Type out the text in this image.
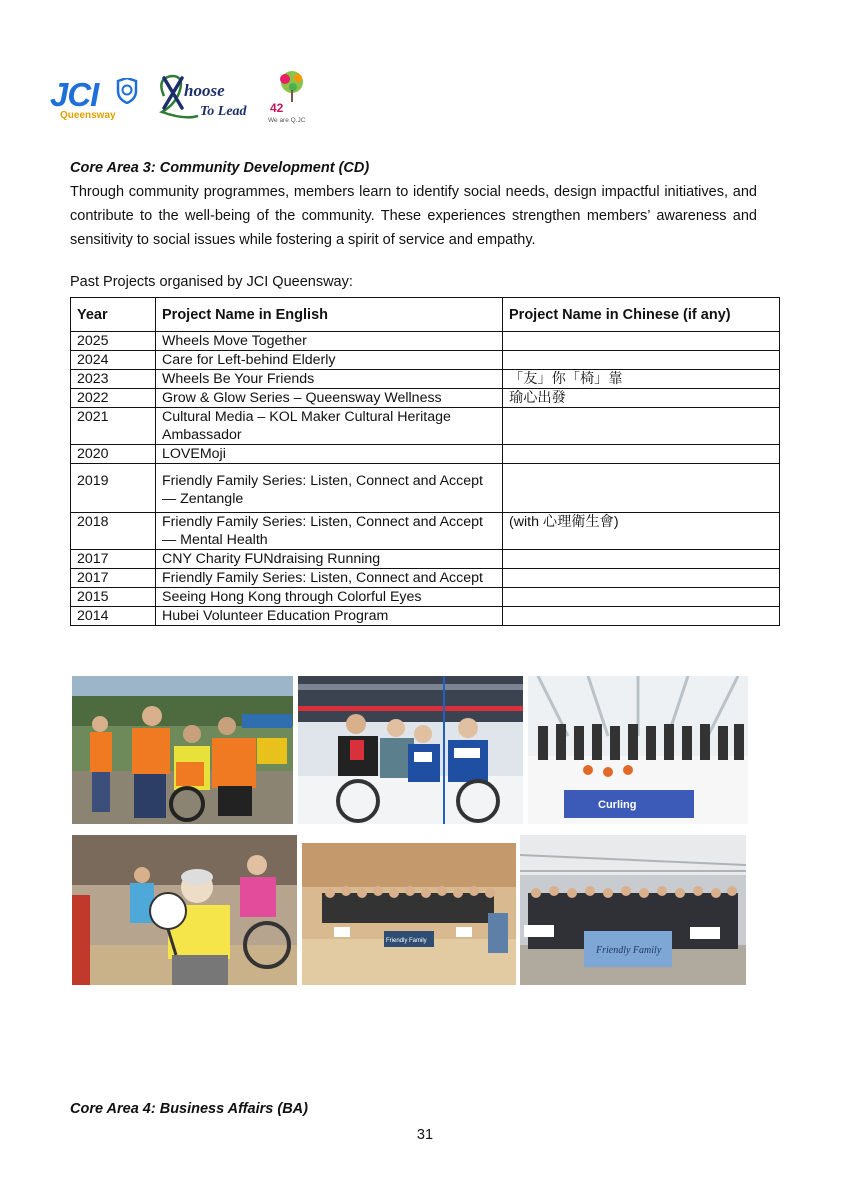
JCI
Queensway
hoose
To Lead 42
We are Q.JC
Core Area 3: Community Development (CD)
Through community programmes, members learn to identify social needs, design impactful initiatives, and contribute to the well-being of the community. These experiences strengthen members’ awareness and sensitivity to social issues while fostering a spirit of service and empathy.
Past Projects organised by JCI Queensway:
Year	Project Name in English	Project Name in Chinese (if any)
2025	Wheels Move Together	
2024	Care for Left-behind Elderly	
2023	Wheels Be Your Friends	「友」你「椅」靠
2022	Grow & Glow Series – Queensway Wellness	瑜心出發
2021	Cultural Media – KOL Maker Cultural Heritage Ambassador	
2020	LOVEMoji	
2019	Friendly Family Series: Listen, Connect and Accept — Zentangle	
2018	Friendly Family Series: Listen, Connect and Accept — Mental Health	(with 心理衛生會)
2017	CNY Charity FUNdraising Running	
2017	Friendly Family Series: Listen, Connect and Accept	
2015	Seeing Hong Kong through Colorful Eyes	
2014	Hubei Volunteer Education Program	
Curling
Friendly Family
Friendly Family
Core Area 4: Business Affairs (BA)
31
